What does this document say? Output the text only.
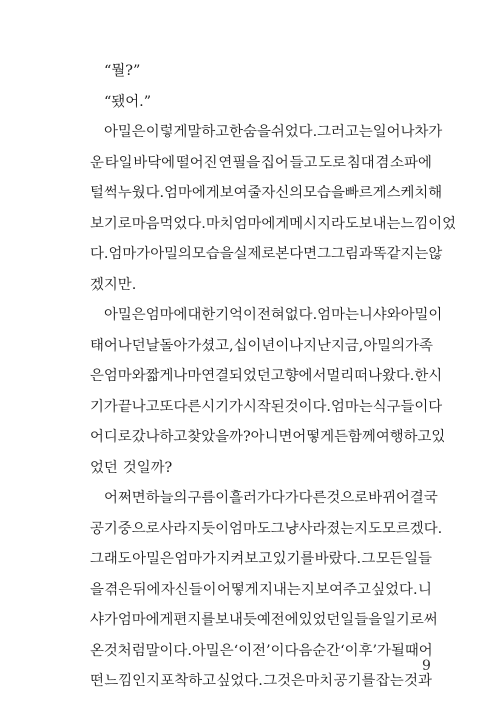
“뭘?”
“됐어.”
아밀은 이렇게 말하고 한숨을 쉬었다. 그러고는 일어나 차가
운 타일 바닥에 떨어진 연필을 집어 들고 도로 침대 겸 소파에
털썩 누웠다. 엄마에게 보여줄 자신의 모습을 빠르게 스케치해
보기로 마음먹었다. 마치 엄마에게 메시지라도 보내는 느낌이었
다. 엄마가 아밀의 모습을 실제로 본다면 그 그림과 똑같지는 않
겠지만.
아밀은 엄마에 대한 기억이 전혀 없다. 엄마는 니샤와 아밀이
태어나던 날 돌아가셨고, 십이 년이나 지난 지금, 아밀의 가족
은 엄마와 짧게나마 연결되었던 고향에서 멀리 떠나왔다. 한 시
기가 끝나고 또 다른 시기가 시작된 것이다. 엄마는 식구들이 다
어디로 갔나 하고 찾았을까? 아니면 어떻게든 함께 여행하고 있
었던 것일까?
어쩌면 하늘의 구름이 흘러가다가 다른 것으로 바뀌어 결국
공기 중으로 사라지듯이 엄마도 그냥 사라졌는지도 모르겠다.
그래도 아밀은 엄마가 지켜보고 있기를 바랐다. 그 모든 일들
을 겪은 뒤에 자신들이 어떻게 지내는지 보여주고 싶었다. 니
샤가 엄마에게 편지를 보내듯 예전에 있었던 일들을 일기로 써
온 것처럼 말이다. 아밀은 ‘이전’이 다음 순간 ‘이후’가 될 때 어
떤 느낌인지 포착하고 싶었다. 그것은 마치 공기를 잡는 것과
9
